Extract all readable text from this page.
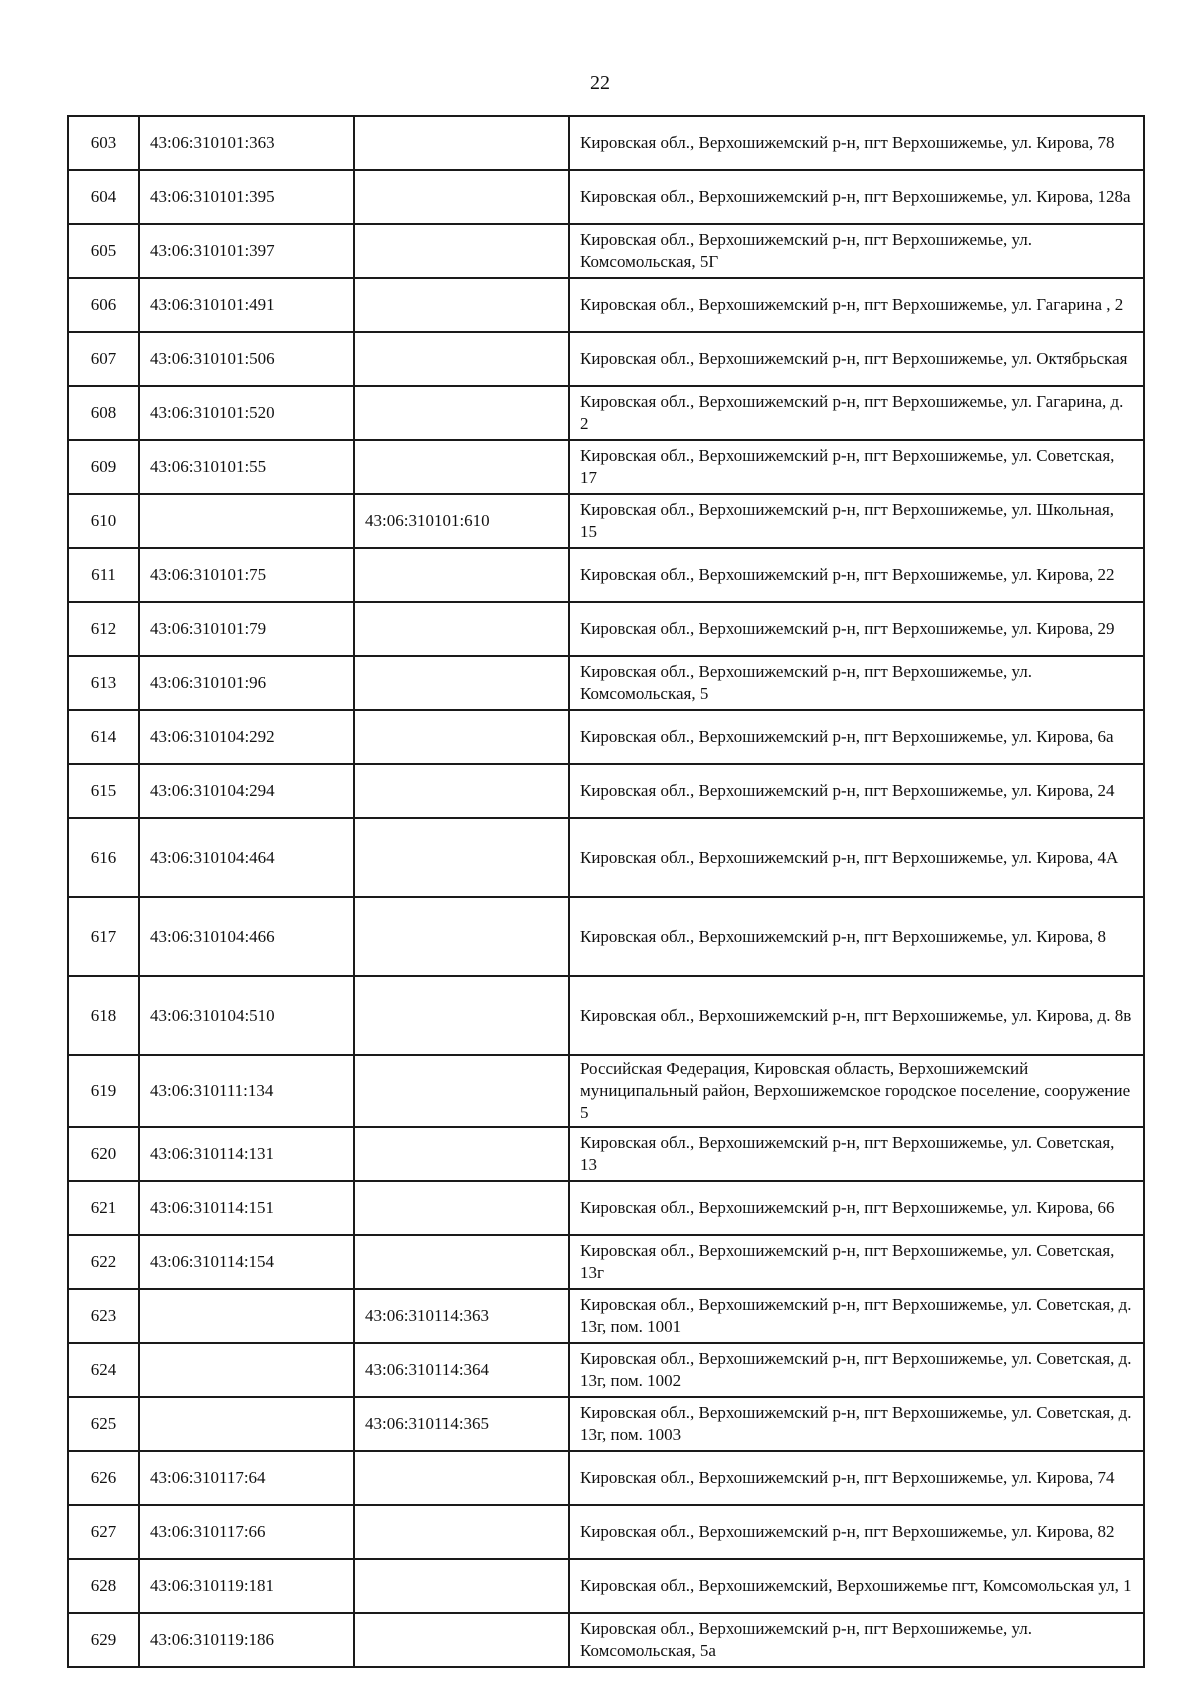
22
603	43:06:310101:363		Кировская обл., Верхошижемский р-н, пгт Верхошижемье, ул. Кирова, 78
604	43:06:310101:395		Кировская обл., Верхошижемский р-н, пгт Верхошижемье, ул. Кирова, 128а
605	43:06:310101:397		Кировская обл., Верхошижемский р-н, пгт Верхошижемье, ул. Комсомольская, 5Г
606	43:06:310101:491		Кировская обл., Верхошижемский р-н, пгт Верхошижемье, ул. Гагарина , 2
607	43:06:310101:506		Кировская обл., Верхошижемский р-н, пгт Верхошижемье, ул. Октябрьская
608	43:06:310101:520		Кировская обл., Верхошижемский р-н, пгт Верхошижемье, ул. Гагарина, д. 2
609	43:06:310101:55		Кировская обл., Верхошижемский р-н, пгт Верхошижемье, ул. Советская, 17
610		43:06:310101:610	Кировская обл., Верхошижемский р-н, пгт Верхошижемье, ул. Школьная, 15
611	43:06:310101:75		Кировская обл., Верхошижемский р-н, пгт Верхошижемье, ул. Кирова, 22
612	43:06:310101:79		Кировская обл., Верхошижемский р-н, пгт Верхошижемье, ул. Кирова, 29
613	43:06:310101:96		Кировская обл., Верхошижемский р-н, пгт Верхошижемье, ул. Комсомольская, 5
614	43:06:310104:292		Кировская обл., Верхошижемский р-н, пгт Верхошижемье, ул. Кирова, 6а
615	43:06:310104:294		Кировская обл., Верхошижемский р-н, пгт Верхошижемье, ул. Кирова, 24
616	43:06:310104:464		Кировская обл., Верхошижемский р-н, пгт Верхошижемье, ул. Кирова, 4А
617	43:06:310104:466		Кировская обл., Верхошижемский р-н, пгт Верхошижемье, ул. Кирова, 8
618	43:06:310104:510		Кировская обл., Верхошижемский р-н, пгт Верхошижемье, ул. Кирова, д. 8в
619	43:06:310111:134		Российская Федерация, Кировская область, Верхошижемский муниципальный район, Верхошижемское городское поселение, сооружение 5
620	43:06:310114:131		Кировская обл., Верхошижемский р-н, пгт Верхошижемье, ул. Советская, 13
621	43:06:310114:151		Кировская обл., Верхошижемский р-н, пгт Верхошижемье, ул. Кирова, 66
622	43:06:310114:154		Кировская обл., Верхошижемский р-н, пгт Верхошижемье, ул. Советская, 13г
623		43:06:310114:363	Кировская обл., Верхошижемский р-н, пгт Верхошижемье, ул. Советская, д. 13г, пом. 1001
624		43:06:310114:364	Кировская обл., Верхошижемский р-н, пгт Верхошижемье, ул. Советская, д. 13г, пом. 1002
625		43:06:310114:365	Кировская обл., Верхошижемский р-н, пгт Верхошижемье, ул. Советская, д. 13г, пом. 1003
626	43:06:310117:64		Кировская обл., Верхошижемский р-н, пгт Верхошижемье, ул. Кирова, 74
627	43:06:310117:66		Кировская обл., Верхошижемский р-н, пгт Верхошижемье, ул. Кирова, 82
628	43:06:310119:181		Кировская обл., Верхошижемский, Верхошижемье пгт, Комсомольская ул, 1
629	43:06:310119:186		Кировская обл., Верхошижемский р-н, пгт Верхошижемье, ул. Комсомольская, 5а
